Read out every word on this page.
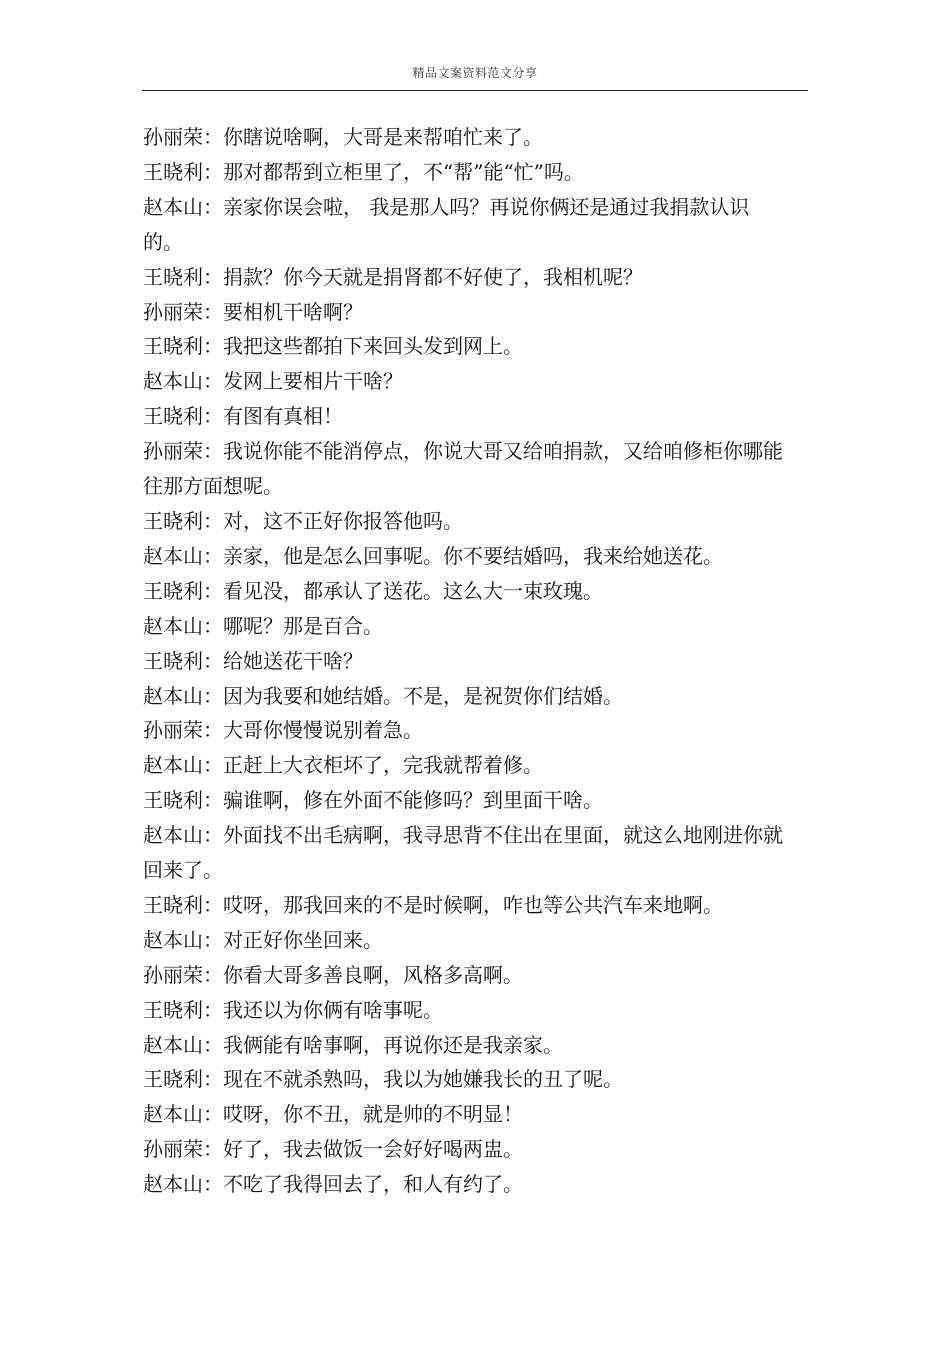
精品文案资料范文分享
孙丽荣：你瞎说啥啊，大哥是来帮咱忙来了。
王晓利：那对都帮到立柜里了，不“帮”能“忙”吗。
赵本山：亲家你误会啦， 我是那人吗？再说你俩还是通过我捐款认识的。
王晓利：捐款？你今天就是捐肾都不好使了，我相机呢？
孙丽荣：要相机干啥啊？
王晓利：我把这些都拍下来回头发到网上。
赵本山：发网上要相片干啥？
王晓利：有图有真相！
孙丽荣：我说你能不能消停点，你说大哥又给咱捐款，又给咱修柜你哪能往那方面想呢。
王晓利：对，这不正好你报答他吗。
赵本山：亲家，他是怎么回事呢。你不要结婚吗，我来给她送花。
王晓利：看见没，都承认了送花。这么大一束玫瑰。
赵本山：哪呢？那是百合。
王晓利：给她送花干啥？
赵本山：因为我要和她结婚。不是，是祝贺你们结婚。
孙丽荣：大哥你慢慢说别着急。
赵本山：正赶上大衣柜坏了，完我就帮着修。
王晓利：骗谁啊，修在外面不能修吗？到里面干啥。
赵本山：外面找不出毛病啊，我寻思背不住出在里面，就这么地刚进你就回来了。
王晓利：哎呀，那我回来的不是时候啊，咋也等公共汽车来地啊。
赵本山：对正好你坐回来。
孙丽荣：你看大哥多善良啊，风格多高啊。
王晓利：我还以为你俩有啥事呢。
赵本山：我俩能有啥事啊，再说你还是我亲家。
王晓利：现在不就杀熟吗，我以为她嫌我长的丑了呢。
赵本山：哎呀，你不丑，就是帅的不明显！
孙丽荣：好了，我去做饭一会好好喝两盅。
赵本山：不吃了我得回去了，和人有约了。
